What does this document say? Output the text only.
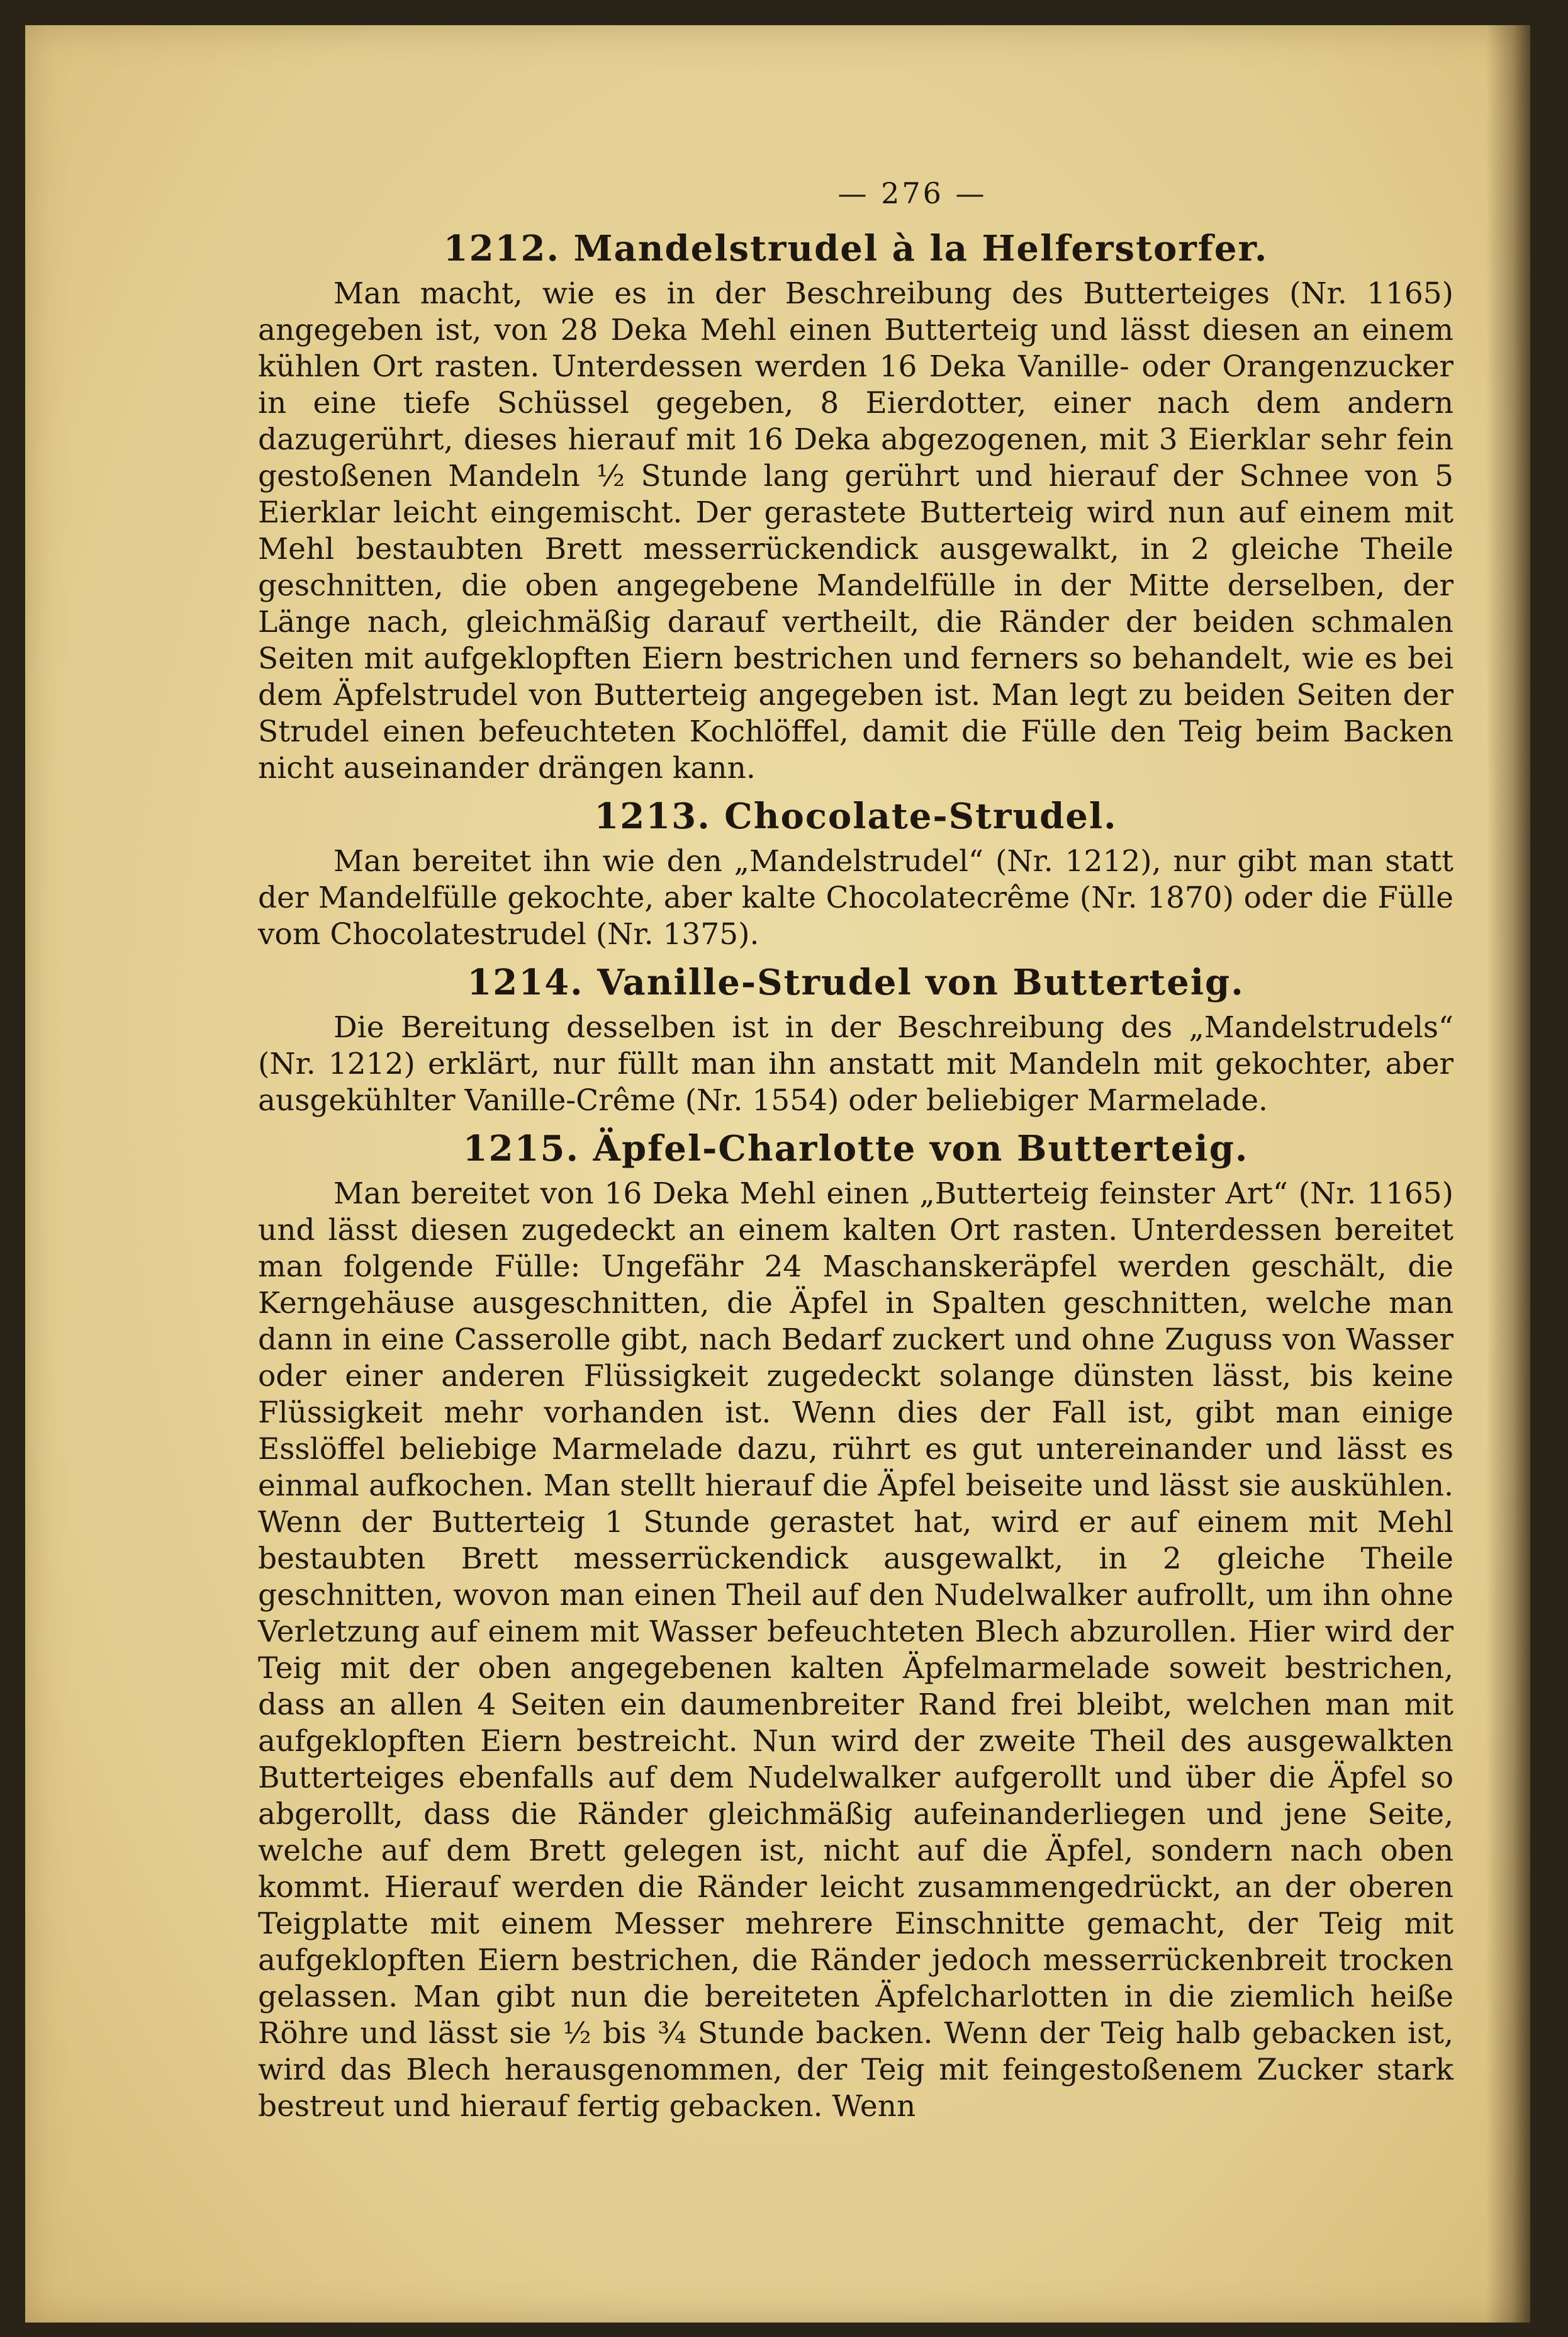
— 276 —
1212. Mandelstrudel à la Helferstorfer.

Man macht, wie es in der Beschreibung des Butterteiges (Nr. 1165) angegeben ist, von 28 Deka Mehl einen Butterteig und lässt diesen an einem kühlen Ort rasten. Unterdessen werden 16 Deka Vanille- oder Orangenzucker in eine tiefe Schüssel gegeben, 8 Eierdotter, einer nach dem andern dazugerührt, dieses hierauf mit 16 Deka abgezogenen, mit 3 Eierklar sehr fein gestoßenen Mandeln ½ Stunde lang gerührt und hierauf der Schnee von 5 Eierklar leicht eingemischt. Der gerastete Butterteig wird nun auf einem mit Mehl bestaubten Brett messerrückendick ausgewalkt, in 2 gleiche Theile geschnitten, die oben angegebene Mandelfülle in der Mitte derselben, der Länge nach, gleichmäßig darauf vertheilt, die Ränder der beiden schmalen Seiten mit aufgeklopften Eiern bestrichen und ferners so behandelt, wie es bei dem Äpfelstrudel von Butterteig angegeben ist. Man legt zu beiden Seiten der Strudel einen befeuchteten Kochlöffel, damit die Fülle den Teig beim Backen nicht auseinander drängen kann.

1213. Chocolate-Strudel.

Man bereitet ihn wie den „Mandelstrudel“ (Nr. 1212), nur gibt man statt der Mandelfülle gekochte, aber kalte Chocolatecrême (Nr. 1870) oder die Fülle vom Chocolatestrudel (Nr. 1375).

1214. Vanille-Strudel von Butterteig.

Die Bereitung desselben ist in der Beschreibung des „Mandelstrudels“ (Nr. 1212) erklärt, nur füllt man ihn anstatt mit Mandeln mit gekochter, aber ausgekühlter Vanille-Crême (Nr. 1554) oder beliebiger Marmelade.

1215. Äpfel-Charlotte von Butterteig.

Man bereitet von 16 Deka Mehl einen „Butterteig feinster Art“ (Nr. 1165) und lässt diesen zugedeckt an einem kalten Ort rasten. Unterdessen bereitet man folgende Fülle: Ungefähr 24 Maschanskeräpfel werden geschält, die Kerngehäuse ausgeschnitten, die Äpfel in Spalten geschnitten, welche man dann in eine Casserolle gibt, nach Bedarf zuckert und ohne Zuguss von Wasser oder einer anderen Flüssigkeit zugedeckt solange dünsten lässt, bis keine Flüssigkeit mehr vorhanden ist. Wenn dies der Fall ist, gibt man einige Esslöffel beliebige Marmelade dazu, rührt es gut untereinander und lässt es einmal aufkochen. Man stellt hierauf die Äpfel beiseite und lässt sie auskühlen. Wenn der Butterteig 1 Stunde gerastet hat, wird er auf einem mit Mehl bestaubten Brett messerrückendick ausgewalkt, in 2 gleiche Theile geschnitten, wovon man einen Theil auf den Nudelwalker aufrollt, um ihn ohne Verletzung auf einem mit Wasser befeuchteten Blech abzurollen. Hier wird der Teig mit der oben angegebenen kalten Äpfelmarmelade soweit bestrichen, dass an allen 4 Seiten ein daumenbreiter Rand frei bleibt, welchen man mit aufgeklopften Eiern bestreicht. Nun wird der zweite Theil des ausgewalkten Butterteiges ebenfalls auf dem Nudelwalker aufgerollt und über die Äpfel so abgerollt, dass die Ränder gleichmäßig aufeinanderliegen und jene Seite, welche auf dem Brett gelegen ist, nicht auf die Äpfel, sondern nach oben kommt. Hierauf werden die Ränder leicht zusammengedrückt, an der oberen Teigplatte mit einem Messer mehrere Einschnitte gemacht, der Teig mit aufgeklopften Eiern bestrichen, die Ränder jedoch messerrückenbreit trocken gelassen. Man gibt nun die bereiteten Äpfelcharlotten in die ziemlich heiße Röhre und lässt sie ½ bis ¾ Stunde backen. Wenn der Teig halb gebacken ist, wird das Blech herausgenommen, der Teig mit feingestoßenem Zucker stark bestreut und hierauf fertig gebacken. Wenn
